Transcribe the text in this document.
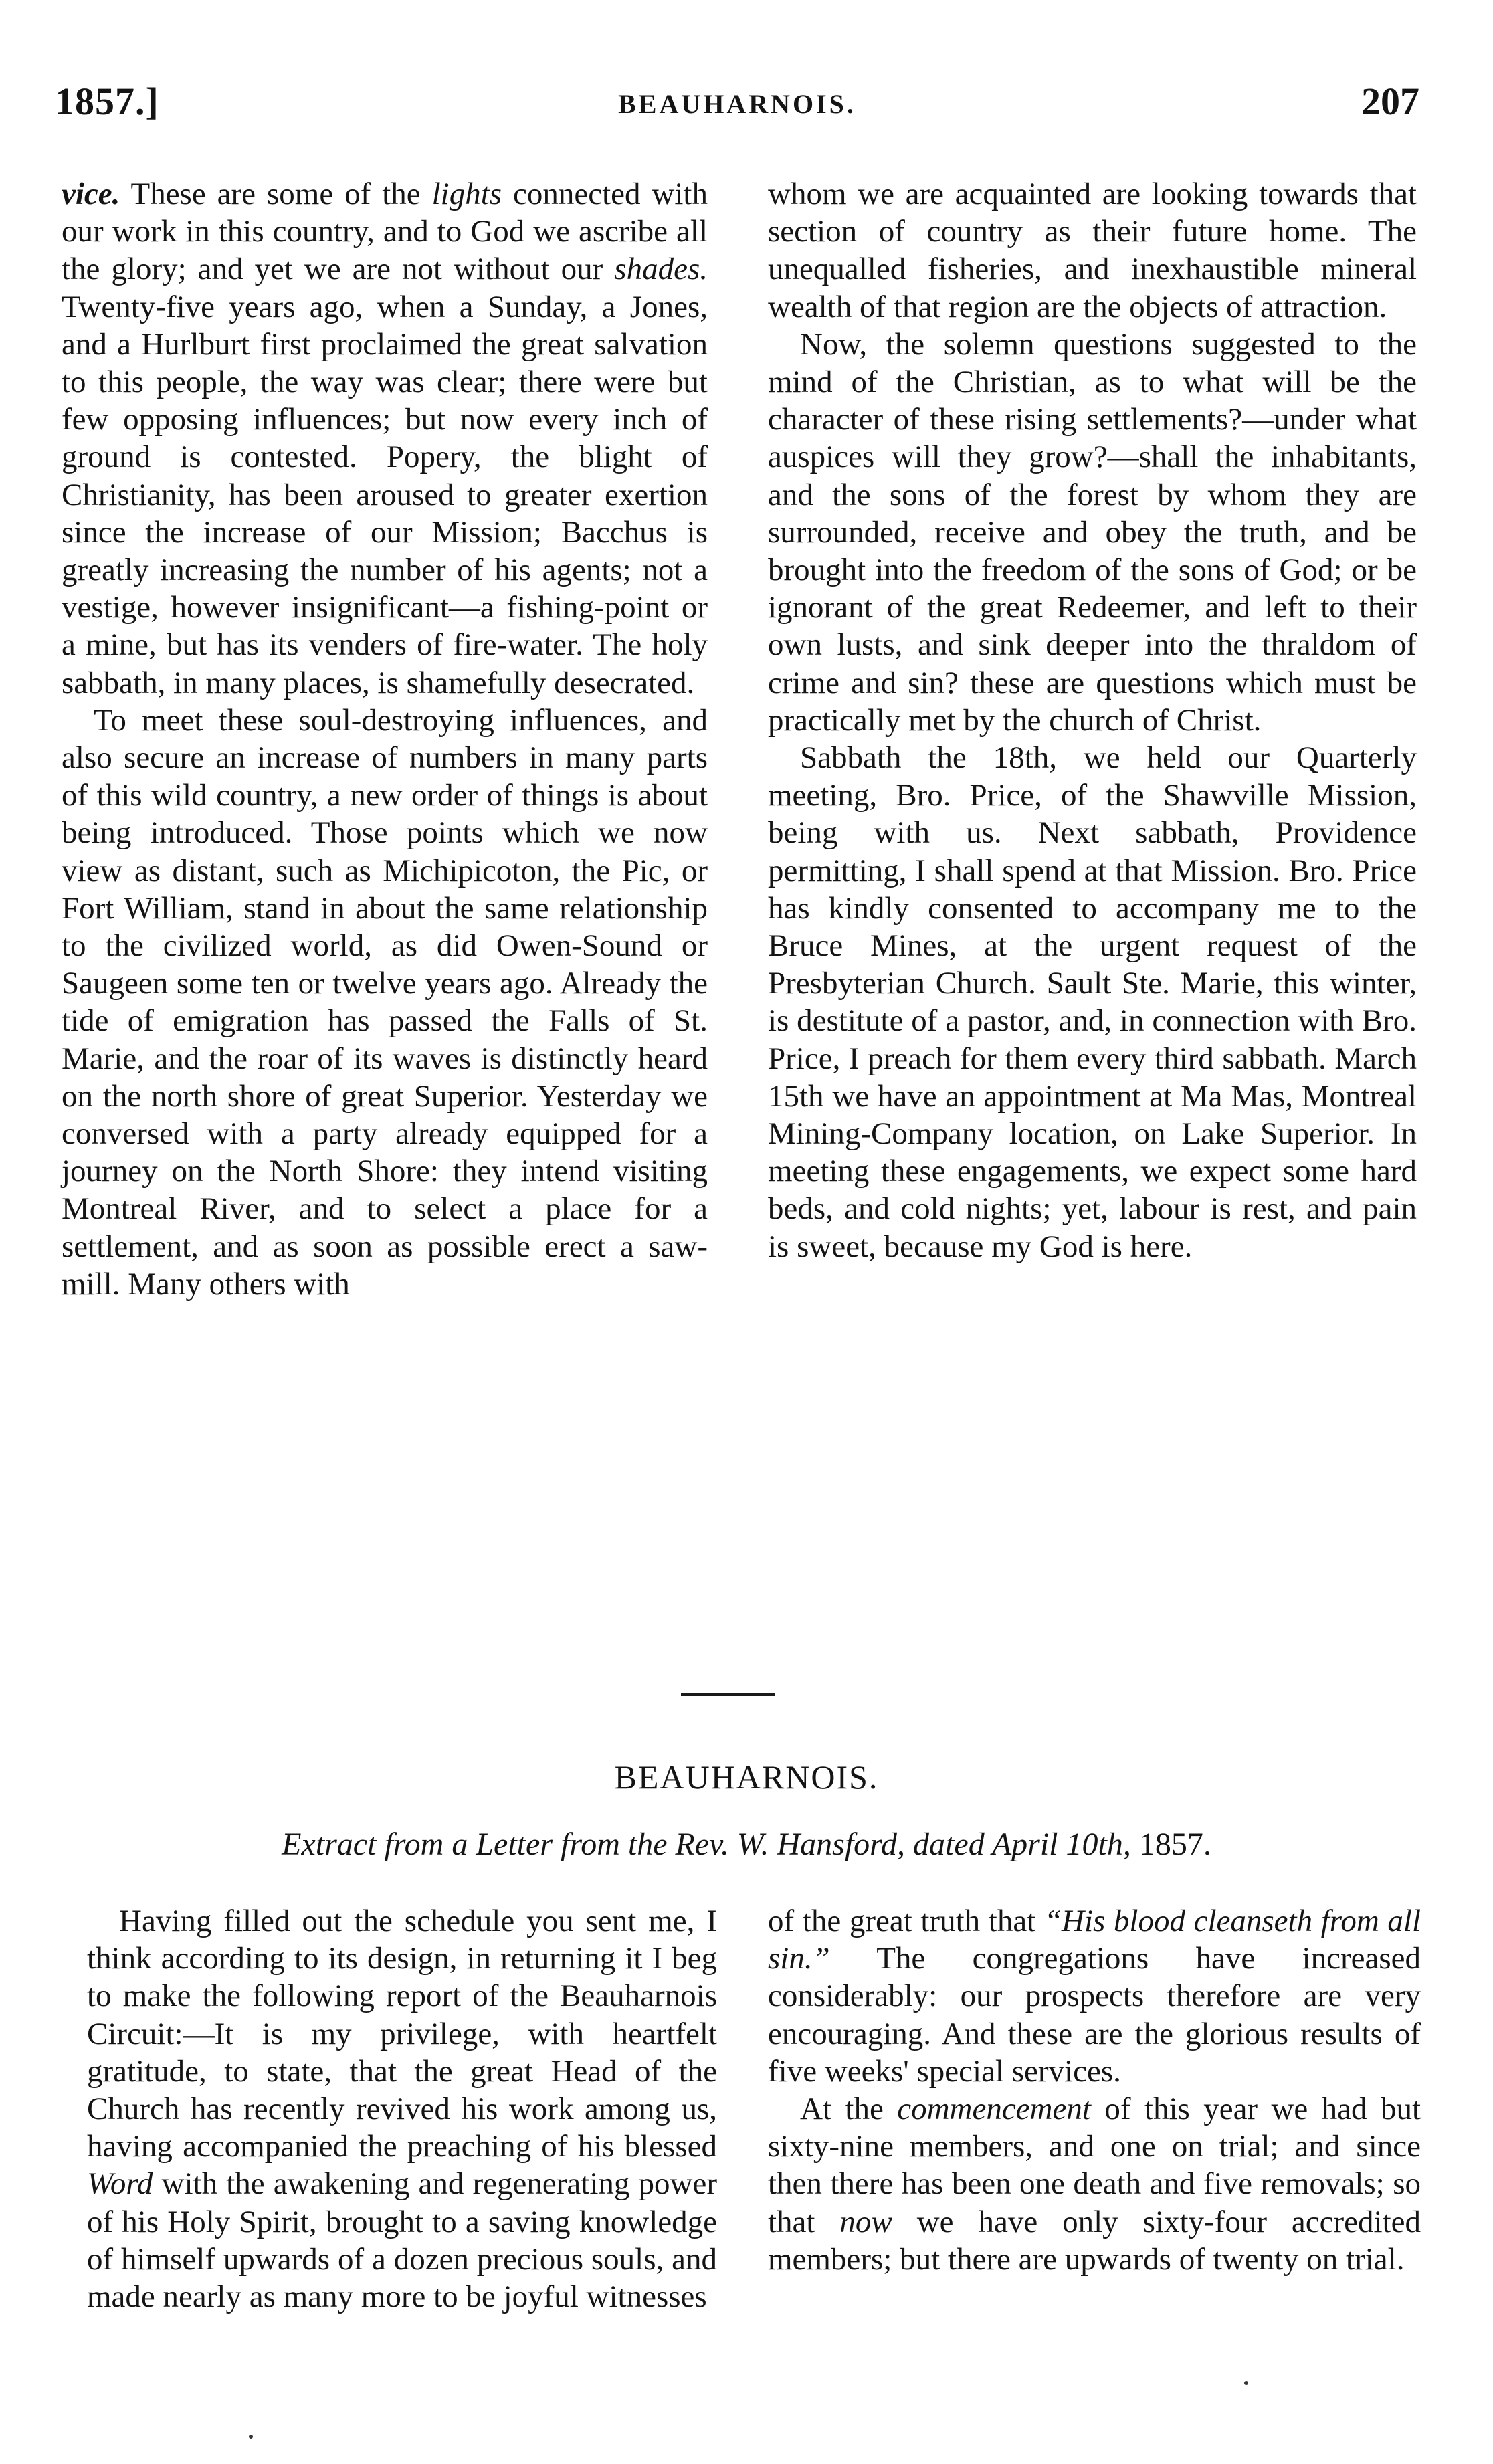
1857.]	BEAUHARNOIS.	207

vice. These are some of the lights connected with our work in this country, and to God we ascribe all the glory; and yet we are not without our shades. Twenty-five years ago, when a Sunday, a Jones, and a Hurlburt first proclaimed the great salvation to this people, the way was clear; there were but few opposing influences; but now every inch of ground is contested. Popery, the blight of Christianity, has been aroused to greater exertion since the increase of our Mission; Bacchus is greatly increasing the number of his agents; not a vestige, however insignificant—a fishing-point or a mine, but has its venders of fire-water. The holy sabbath, in many places, is shamefully desecrated.

To meet these soul-destroying influences, and also secure an increase of numbers in many parts of this wild country, a new order of things is about being introduced. Those points which we now view as distant, such as Michipicoton, the Pic, or Fort William, stand in about the same relationship to the civilized world, as did Owen-Sound or Saugeen some ten or twelve years ago. Already the tide of emigration has passed the Falls of St. Marie, and the roar of its waves is distinctly heard on the north shore of great Superior. Yesterday we conversed with a party already equipped for a journey on the North Shore: they intend visiting Montreal River, and to select a place for a settlement, and as soon as possible erect a saw-mill. Many others with

whom we are acquainted are looking towards that section of country as their future home. The unequalled fisheries, and inexhaustible mineral wealth of that region are the objects of attraction.

Now, the solemn questions suggested to the mind of the Christian, as to what will be the character of these rising settlements?—under what auspices will they grow?—shall the inhabitants, and the sons of the forest by whom they are surrounded, receive and obey the truth, and be brought into the freedom of the sons of God; or be ignorant of the great Redeemer, and left to their own lusts, and sink deeper into the thraldom of crime and sin? these are questions which must be practically met by the church of Christ.

Sabbath the 18th, we held our Quarterly meeting, Bro. Price, of the Shawville Mission, being with us. Next sabbath, Providence permitting, I shall spend at that Mission. Bro. Price has kindly consented to accompany me to the Bruce Mines, at the urgent request of the Presbyterian Church. Sault Ste. Marie, this winter, is destitute of a pastor, and, in connection with Bro. Price, I preach for them every third sabbath. March 15th we have an appointment at Ma Mas, Montreal Mining-Company location, on Lake Superior. In meeting these engagements, we expect some hard beds, and cold nights; yet, labour is rest, and pain is sweet, because my God is here.

BEAUHARNOIS.
Extract from a Letter from the Rev. W. Hansford, dated April 10th, 1857.

Having filled out the schedule you sent me, I think according to its design, in returning it I beg to make the following report of the Beauharnois Circuit:—It is my privilege, with heartfelt gratitude, to state, that the great Head of the Church has recently revived his work among us, having accompanied the preaching of his blessed Word with the awakening and regenerating power of his Holy Spirit, brought to a saving knowledge of himself upwards of a dozen precious souls, and made nearly as many more to be joyful witnesses

of the great truth that “His blood cleanseth from all sin.” The congregations have increased considerably: our prospects therefore are very encouraging. And these are the glorious results of five weeks' special services.

At the commencement of this year we had but sixty-nine members, and one on trial; and since then there has been one death and five removals; so that now we have only sixty-four accredited members; but there are upwards of twenty on trial.
